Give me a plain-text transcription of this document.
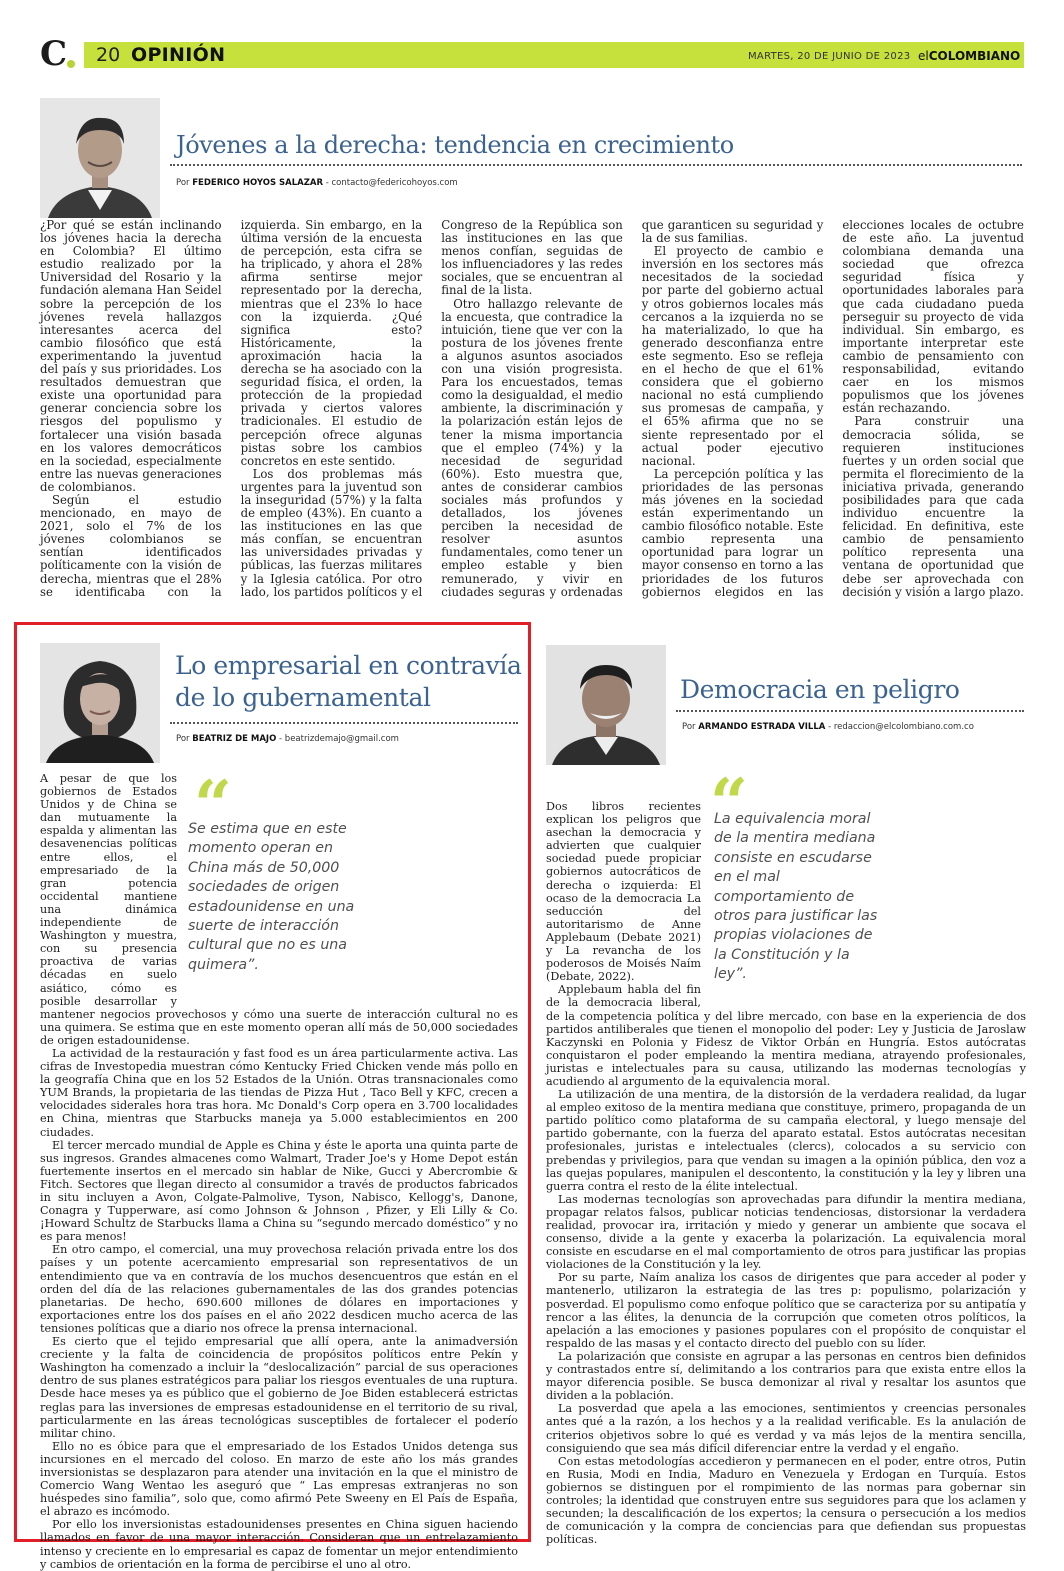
C	20 OPINIÓN	MARTES, 20 DE JUNIO DE 2023 elCOLOMBIANO
Jóvenes a la derecha: tendencia en crecimiento
Por FEDERICO HOYOS SALAZAR - contacto@federicohoyos.com

¿Por qué se están inclinando los jóvenes hacia la derecha en Colombia? El último estudio realizado por la Universidad del Rosario y la fundación alemana Han Seidel sobre la percepción de los jóvenes revela hallazgos interesantes acerca del cambio filosófico que está experimentando la juventud del país y sus prioridades. Los resultados demuestran que existe una oportunidad para generar conciencia sobre los riesgos del populismo y fortalecer una visión basada en los valores democráticos en la sociedad, especialmente entre las nuevas generaciones de colombianos.

Según el estudio mencionado, en mayo de 2021, solo el 7% de los jóvenes colombianos se sentían identificados políticamente con la visión de derecha, mientras que el 28% se identificaba con la izquierda. Sin embargo, en la última versión de la encuesta de percepción, esta cifra se ha triplicado, y ahora el 28% afirma sentirse mejor representado por la derecha, mientras que el 23% lo hace con la izquierda. ¿Qué significa esto? Históricamente, la aproximación hacia la derecha se ha asociado con la seguridad física, el orden, la protección de la propiedad privada y ciertos valores tradicionales. El estudio de percepción ofrece algunas pistas sobre los cambios concretos en este sentido.

Los dos problemas más urgentes para la juventud son la inseguridad (57%) y la falta de empleo (43%). En cuanto a las instituciones en las que más confían, se encuentran las universidades privadas y públicas, las fuerzas militares y la Iglesia católica. Por otro lado, los partidos políticos y el Congreso de la República son las instituciones en las que menos confían, seguidas de los influenciadores y las redes sociales, que se encuentran al final de la lista.

Otro hallazgo relevante de la encuesta, que contradice la intuición, tiene que ver con la postura de los jóvenes frente a algunos asuntos asociados con una visión progresista. Para los encuestados, temas como la desigualdad, el medio ambiente, la discriminación y la polarización están lejos de tener la misma importancia que el empleo (74%) y la necesidad de seguridad (60%). Esto muestra que, antes de considerar cambios sociales más profundos y detallados, los jóvenes perciben la necesidad de resolver asuntos fundamentales, como tener un empleo estable y bien remunerado, y vivir en ciudades seguras y ordenadas que garanticen su seguridad y la de sus familias.

El proyecto de cambio e inversión en los sectores más necesitados de la sociedad por parte del gobierno actual y otros gobiernos locales más cercanos a la izquierda no se ha materializado, lo que ha generado desconfianza entre este segmento. Eso se refleja en el hecho de que el 61% considera que el gobierno nacional no está cumpliendo sus promesas de campaña, y el 65% afirma que no se siente representado por el actual poder ejecutivo nacional.

La percepción política y las prioridades de las personas más jóvenes en la sociedad están experimentando un cambio filosófico notable. Este cambio representa una oportunidad para lograr un mayor consenso en torno a las prioridades de los futuros gobiernos elegidos en las elecciones locales de octubre de este año. La juventud colombiana demanda una sociedad que ofrezca seguridad física y oportunidades laborales para que cada ciudadano pueda perseguir su proyecto de vida individual. Sin embargo, es importante interpretar este cambio de pensamiento con responsabilidad, evitando caer en los mismos populismos que los jóvenes están rechazando.

Para construir una democracia sólida, se requieren instituciones fuertes y un orden social que permita el florecimiento de la iniciativa privada, generando posibilidades para que cada individuo encuentre la felicidad. En definitiva, este cambio de pensamiento político representa una ventana de oportunidad que debe ser aprovechada con decisión y visión a largo plazo.

Lo empresarial en contravía
de lo gubernamental
Por BEATRIZ DE MAJO - beatrizdemajo@gmail.com
“

Se estima que en este momento operan en China más de 50,000 sociedades de origen estadounidense en una suerte de interacción cultural que no es una quimera”.

A pesar de que los gobiernos de Estados Unidos y de China se dan mutuamente la espalda y alimentan las desavenencias políticas entre ellos, el empresariado de la gran potencia occidental mantiene una dinámica independiente de Washington y muestra, con su presencia proactiva de varias décadas en suelo asiático, cómo es posible desarrollar y mantener negocios provechosos y cómo una suerte de interacción cultural no es una quimera. Se estima que en este momento operan allí más de 50,000 sociedades de origen estadounidense.

La actividad de la restauración y fast food es un área particularmente activa. Las cifras de Investopedia muestran cómo Kentucky Fried Chicken vende más pollo en la geografía China que en los 52 Estados de la Unión. Otras transnacionales como YUM Brands, la propietaria de las tiendas de Pizza Hut , Taco Bell y KFC, crecen a velocidades siderales hora tras hora. Mc Donald's Corp opera en 3.700 localidades en China, mientras que Starbucks maneja ya 5.000 establecimientos en 200 ciudades.

El tercer mercado mundial de Apple es China y éste le aporta una quinta parte de sus ingresos. Grandes almacenes como Walmart, Trader Joe's y Home Depot están fuertemente insertos en el mercado sin hablar de Nike, Gucci y Abercrombie & Fitch. Sectores que llegan directo al consumidor a través de productos fabricados in situ incluyen a Avon, Colgate-Palmolive, Tyson, Nabisco, Kellogg's, Danone, Conagra y Tupperware, así como Johnson & Johnson , Pfizer, y Eli Lilly & Co. ¡Howard Schultz de Starbucks llama a China su “segundo mercado doméstico” y no es para menos!

En otro campo, el comercial, una muy provechosa relación privada entre los dos países y un potente acercamiento empresarial son representativos de un entendimiento que va en contravía de los muchos desencuentros que están en el orden del día de las relaciones gubernamentales de las dos grandes potencias planetarias. De hecho, 690.600 millones de dólares en importaciones y exportaciones entre los dos países en el año 2022 desdicen mucho acerca de las tensiones políticas que a diario nos ofrece la prensa internacional.

Es cierto que el tejido empresarial que allí opera, ante la animadversión creciente y la falta de coincidencia de propósitos políticos entre Pekín y Washington ha comenzado a incluir la “deslocalización” parcial de sus operaciones dentro de sus planes estratégicos para paliar los riesgos eventuales de una ruptura. Desde hace meses ya es público que el gobierno de Joe Biden establecerá estrictas reglas para las inversiones de empresas estadounidense en el territorio de su rival, particularmente en las áreas tecnológicas susceptibles de fortalecer el poderío militar chino.

Ello no es óbice para que el empresariado de los Estados Unidos detenga sus incursiones en el mercado del coloso. En marzo de este año los más grandes inversionistas se desplazaron para atender una invitación en la que el ministro de Comercio Wang Wentao les aseguró que “ Las empresas extranjeras no son huéspedes sino familia”, solo que, como afirmó Pete Sweeny en El País de España, el abrazo es incómodo.

Por ello los inversionistas estadounidenses presentes en China siguen haciendo llamados en favor de una mayor interacción. Consideran que un entrelazamiento intenso y creciente en lo empresarial es capaz de fomentar un mejor entendimiento y cambios de orientación en la forma de percibirse el uno al otro.

Democracia en peligro
Por ARMANDO ESTRADA VILLA - redaccion@elcolombiano.com.co
“

La equivalencia moral de la mentira mediana consiste en escudarse en el mal comportamiento de otros para justificar las propias violaciones de la Constitución y la ley”.

Dos libros recientes explican los peligros que asechan la democracia y advierten que cualquier sociedad puede propiciar gobiernos autocráticos de derecha o izquierda: El ocaso de la democracia La seducción del autoritarismo de Anne Applebaum (Debate 2021) y La revancha de los poderosos de Moisés Naím (Debate, 2022).

Applebaum habla del fin de la democracia liberal, de la competencia política y del libre mercado, con base en la experiencia de dos partidos antiliberales que tienen el monopolio del poder: Ley y Justicia de Jaroslaw Kaczynski en Polonia y Fidesz de Viktor Orbán en Hungría. Estos autócratas conquistaron el poder empleando la mentira mediana, atrayendo profesionales, juristas e intelectuales para su causa, utilizando las modernas tecnologías y acudiendo al argumento de la equivalencia moral.

La utilización de una mentira, de la distorsión de la verdadera realidad, da lugar al empleo exitoso de la mentira mediana que constituye, primero, propaganda de un partido político como plataforma de su campaña electoral, y luego mensaje del partido gobernante, con la fuerza del aparato estatal. Estos autócratas necesitan profesionales, juristas e intelectuales (clercs), colocados a su servicio con prebendas y privilegios, para que vendan su imagen a la opinión pública, den voz a las quejas populares, manipulen el descontento, la constitución y la ley y libren una guerra contra el resto de la élite intelectual.

Las modernas tecnologías son aprovechadas para difundir la mentira mediana, propagar relatos falsos, publicar noticias tendenciosas, distorsionar la verdadera realidad, provocar ira, irritación y miedo y generar un ambiente que socava el consenso, divide a la gente y exacerba la polarización. La equivalencia moral consiste en escudarse en el mal comportamiento de otros para justificar las propias violaciones de la Constitución y la ley.

Por su parte, Naím analiza los casos de dirigentes que para acceder al poder y mantenerlo, utilizaron la estrategia de las tres p: populismo, polarización y posverdad. El populismo como enfoque político que se caracteriza por su antipatía y rencor a las élites, la denuncia de la corrupción que cometen otros políticos, la apelación a las emociones y pasiones populares con el propósito de conquistar el respaldo de las masas y el contacto directo del pueblo con su líder.

La polarización que consiste en agrupar a las personas en centros bien definidos y contrastados entre sí, delimitando a los contrarios para que exista entre ellos la mayor diferencia posible. Se busca demonizar al rival y resaltar los asuntos que dividen a la población.

La posverdad que apela a las emociones, sentimientos y creencias personales antes qué a la razón, a los hechos y a la realidad verificable. Es la anulación de criterios objetivos sobre lo qué es verdad y va más lejos de la mentira sencilla, consiguiendo que sea más difícil diferenciar entre la verdad y el engaño.

Con estas metodologías accedieron y permanecen en el poder, entre otros, Putin en Rusia, Modi en India, Maduro en Venezuela y Erdogan en Turquía. Estos gobiernos se distinguen por el rompimiento de las normas para gobernar sin controles; la identidad que construyen entre sus seguidores para que los aclamen y secunden; la descalificación de los expertos; la censura o persecución a los medios de comunicación y la compra de conciencias para que defiendan sus propuestas políticas.
